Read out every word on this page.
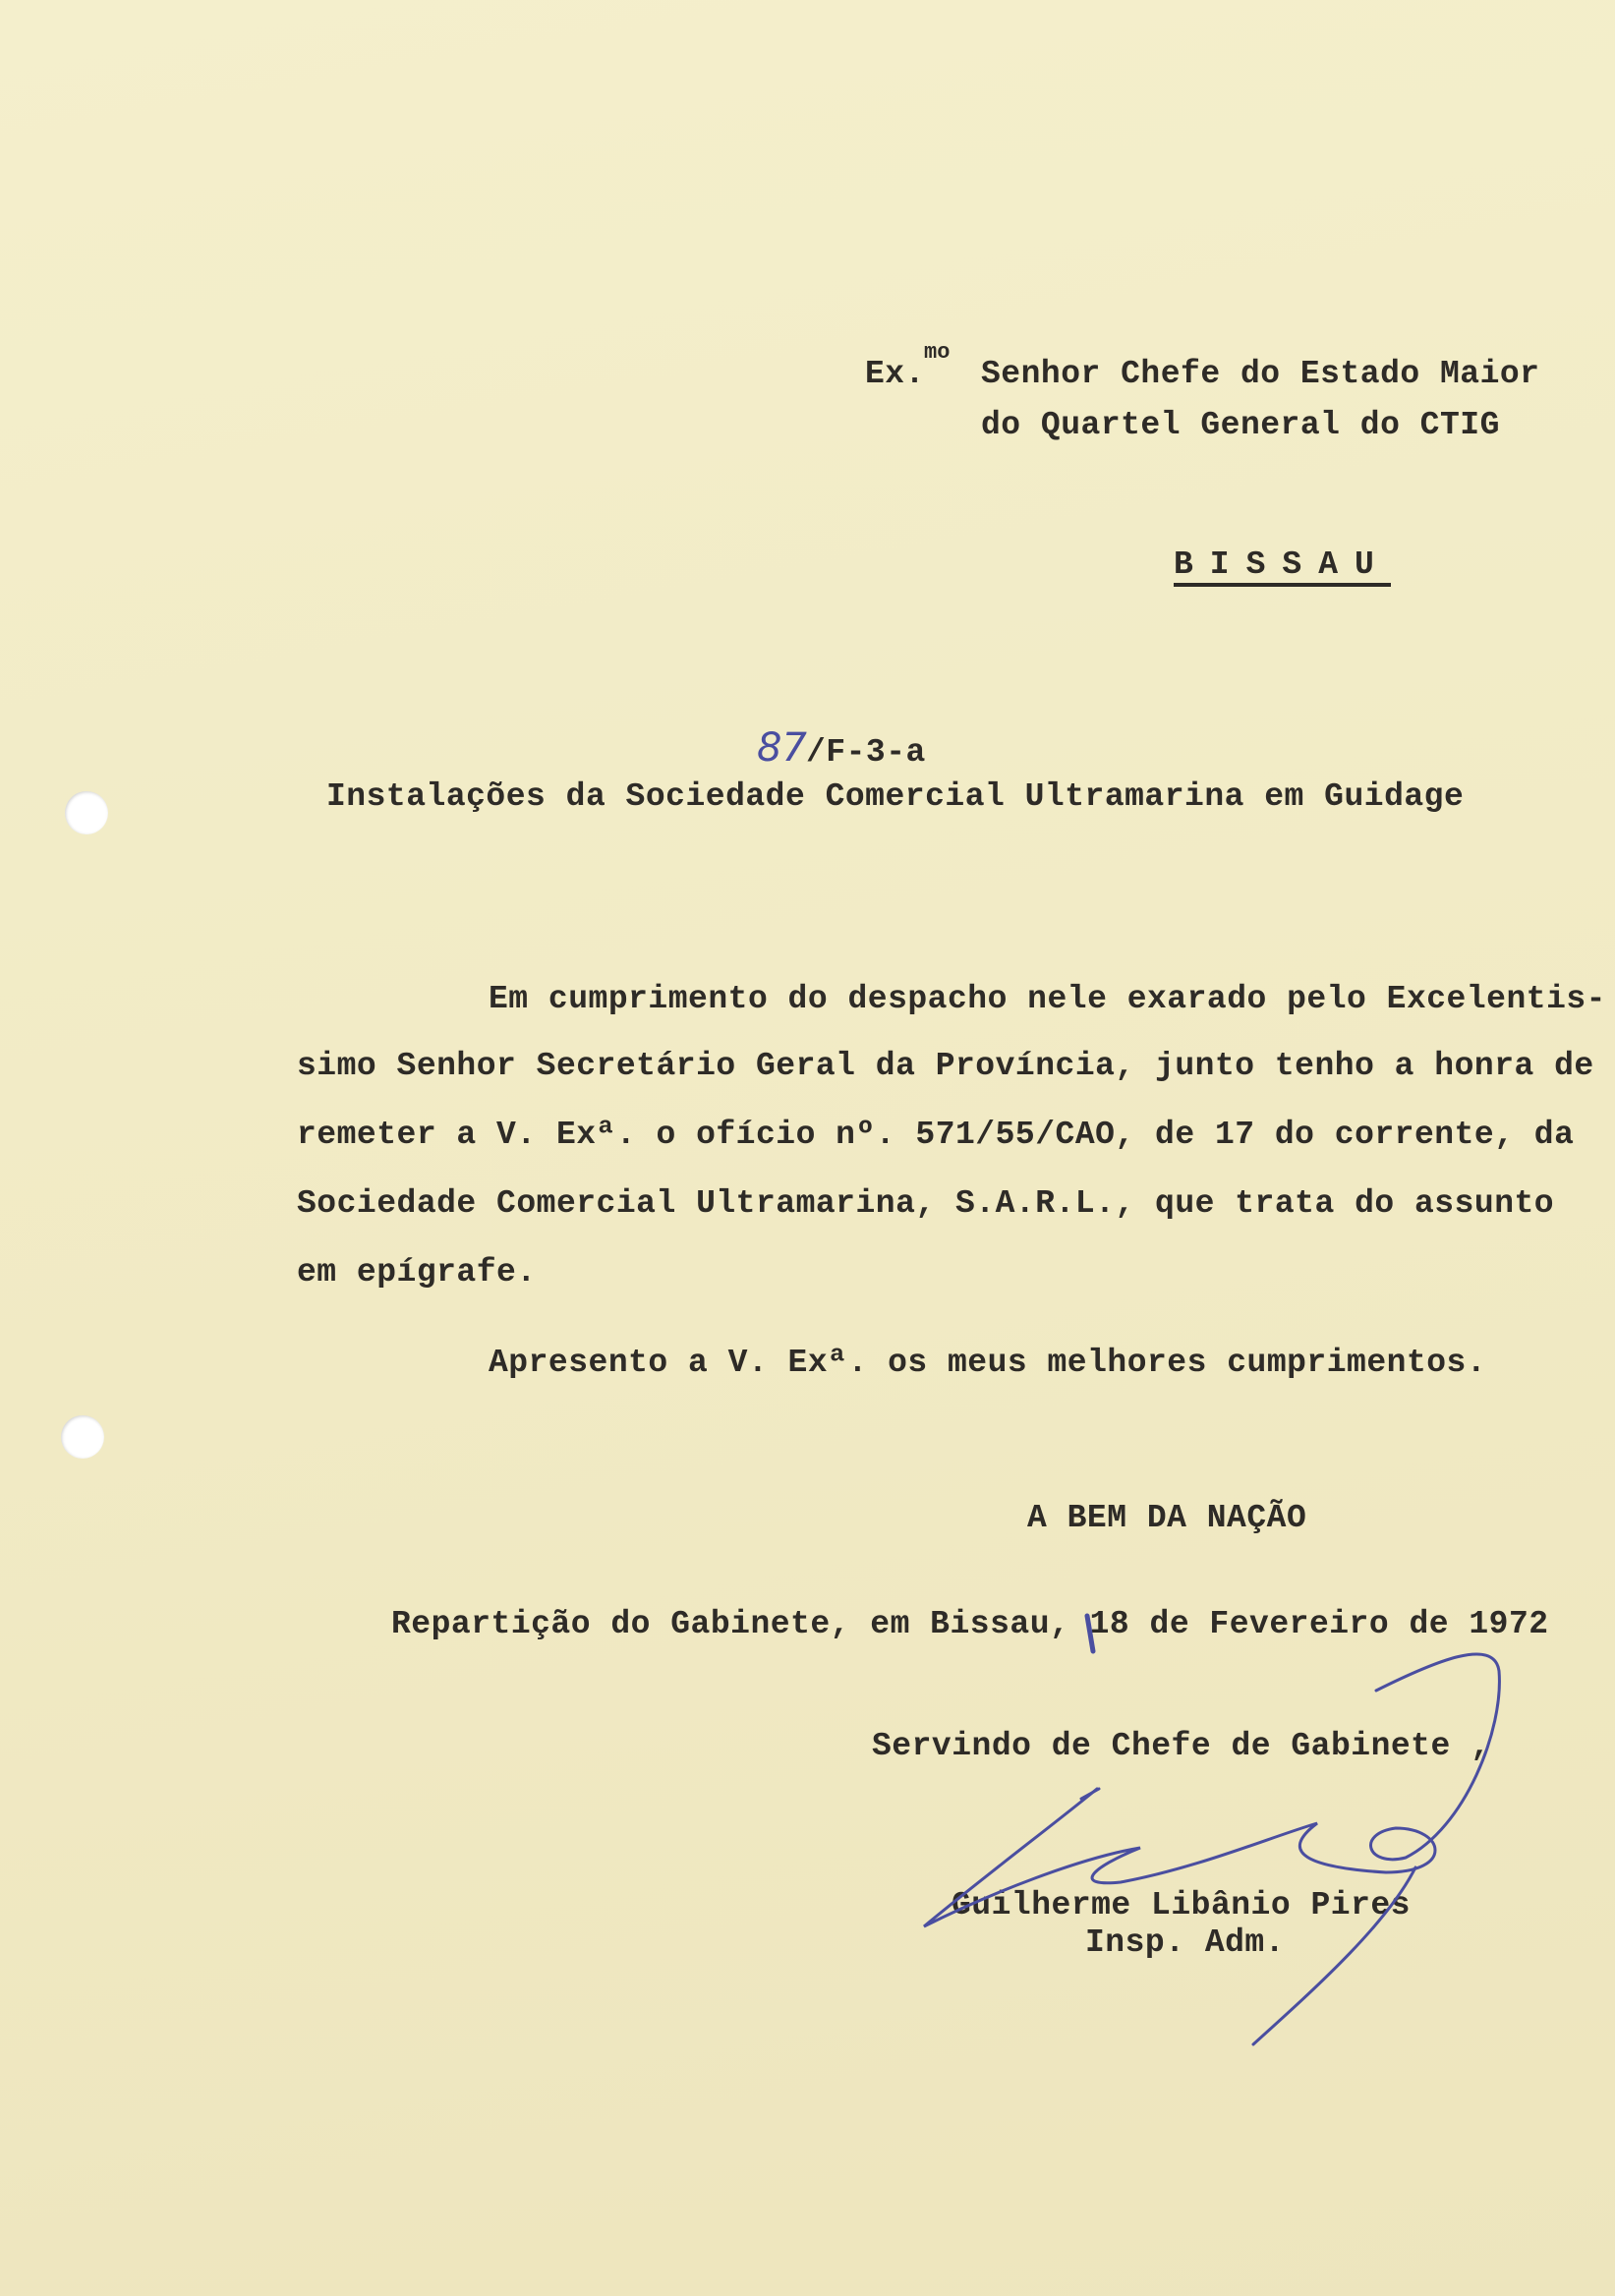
Ex.
mo
Senhor Chefe do Estado Maior
do Quartel General do CTIG
BISSAU
87 /F-3-a
Instalações da Sociedade Comercial Ultramarina em Guidage
Em cumprimento do despacho nele exarado pelo Excelentis-
simo Senhor Secretário Geral da Província, junto tenho a honra de
remeter a V. Exª. o ofício nº. 571/55/CAO, de 17 do corrente, da
Sociedade Comercial Ultramarina, S.A.R.L., que trata do assunto
em epígrafe.
Apresento a V. Exª. os meus melhores cumprimentos.
A BEM DA NAÇÃO
Repartição do Gabinete, em Bissau, 18 de Fevereiro de 1972
Servindo de Chefe de Gabinete ,
Guilherme Libânio Pires
Insp. Adm.
